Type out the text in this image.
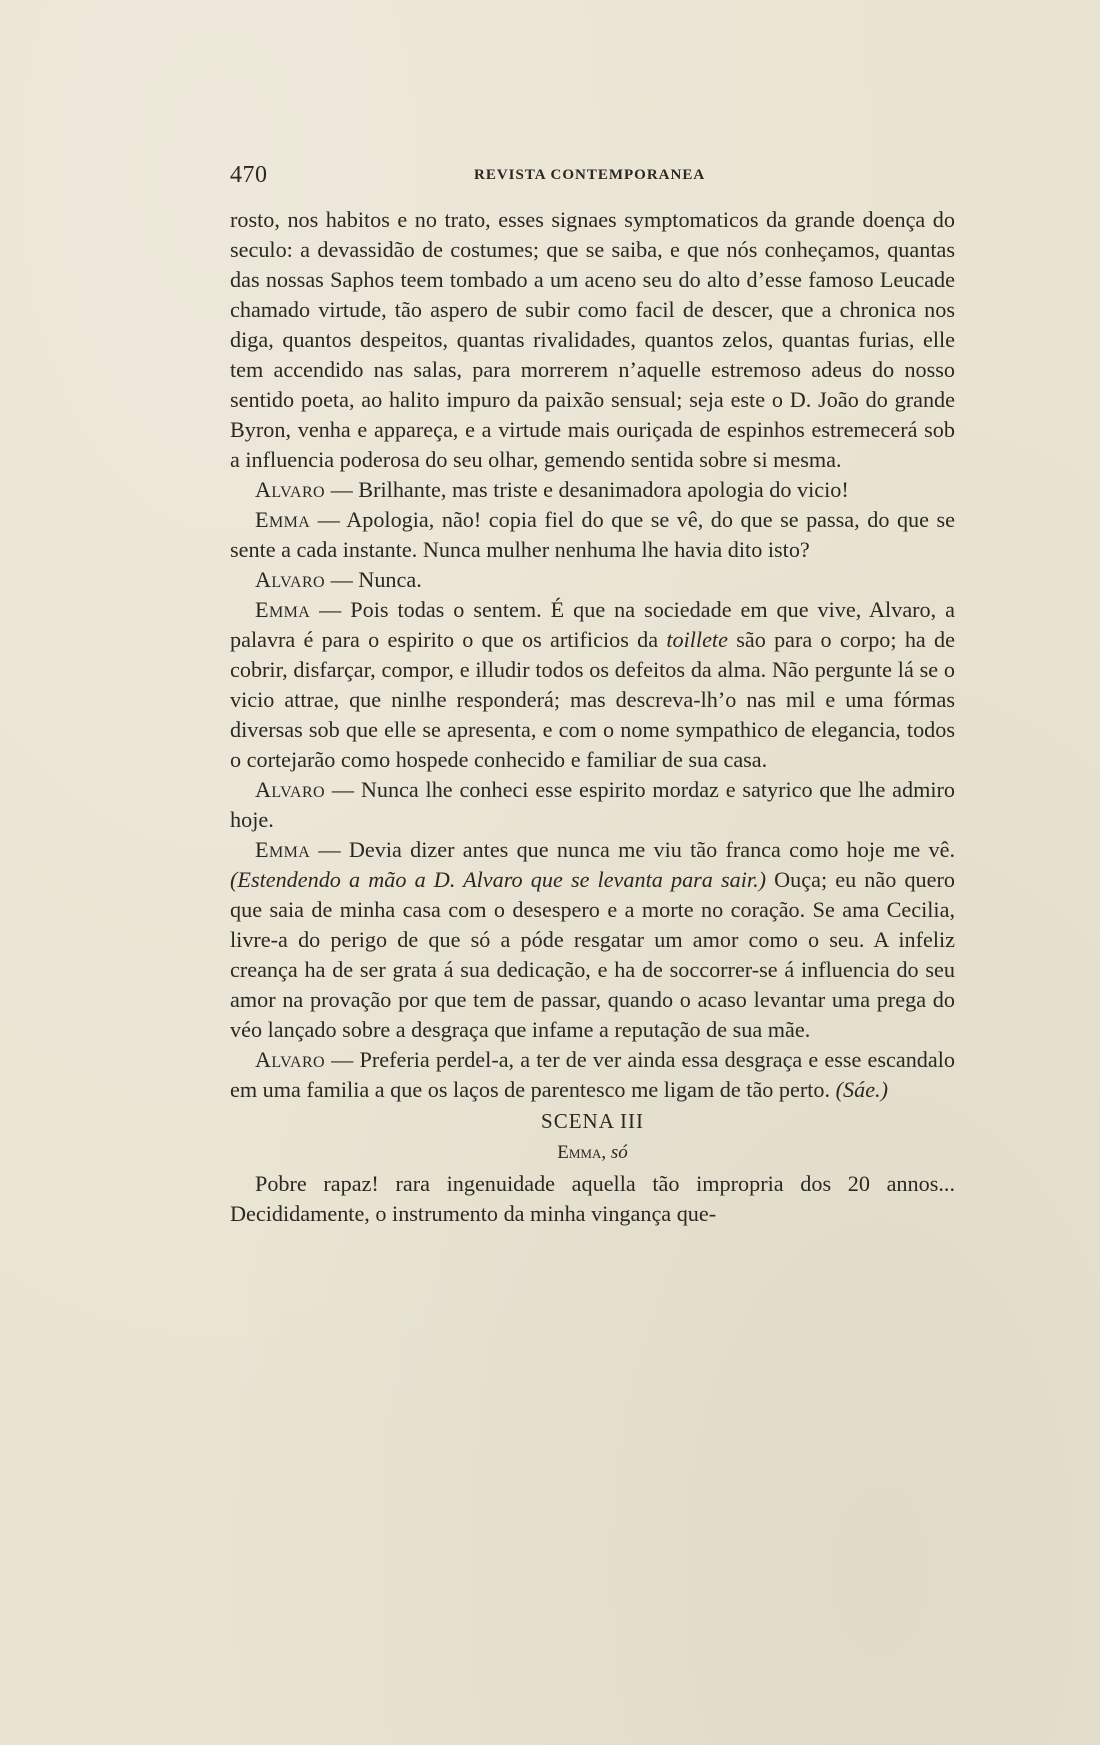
470	REVISTA CONTEMPORANEA

rosto, nos habitos e no trato, esses signaes symptomaticos da grande doença do seculo: a devassidão de costumes; que se saiba, e que nós conheçamos, quantas das nossas Saphos teem tombado a um aceno seu do alto d’esse famoso Leucade chamado virtude, tão aspero de subir como facil de descer, que a chronica nos diga, quantos despeitos, quantas rivalidades, quantos zelos, quantas furias, elle tem accendido nas salas, para morrerem n’aquelle estremoso adeus do nosso sentido poeta, ao halito impuro da paixão sensual; seja este o D. João do grande Byron, venha e appareça, e a virtude mais ouriçada de espinhos estremecerá sob a influencia poderosa do seu olhar, gemendo sentida sobre si mesma.

Alvaro — Brilhante, mas triste e desanimadora apologia do vicio!

Emma — Apologia, não! copia fiel do que se vê, do que se passa, do que se sente a cada instante. Nunca mulher nenhuma lhe havia dito isto?

Alvaro — Nunca.

Emma — Pois todas o sentem. É que na sociedade em que vive, Alvaro, a palavra é para o espirito o que os artificios da toillete são para o corpo; ha de cobrir, disfarçar, compor, e illudir todos os defeitos da alma. Não pergunte lá se o vicio attrae, que ninlhe responderá; mas descreva-lh’o nas mil e uma fórmas diversas sob que elle se apresenta, e com o nome sympathico de elegancia, todos o cortejarão como hospede conhecido e familiar de sua casa.

Alvaro — Nunca lhe conheci esse espirito mordaz e satyrico que lhe admiro hoje.

Emma — Devia dizer antes que nunca me viu tão franca como hoje me vê. (Estendendo a mão a D. Alvaro que se levanta para sair.) Ouça; eu não quero que saia de minha casa com o desespero e a morte no coração. Se ama Cecilia, livre-a do perigo de que só a póde resgatar um amor como o seu. A infeliz creança ha de ser grata á sua dedicação, e ha de soccorrer-se á influencia do seu amor na provação por que tem de passar, quando o acaso levantar uma prega do véo lançado sobre a desgraça que infame a reputação de sua mãe.

Alvaro — Preferia perdel-a, a ter de ver ainda essa desgraça e esse escandalo em uma familia a que os laços de parentesco me ligam de tão perto. (Sáe.)

SCENA III

Emma, só

Pobre rapaz! rara ingenuidade aquella tão impropria dos 20 annos... Decididamente, o instrumento da minha vingança que-
